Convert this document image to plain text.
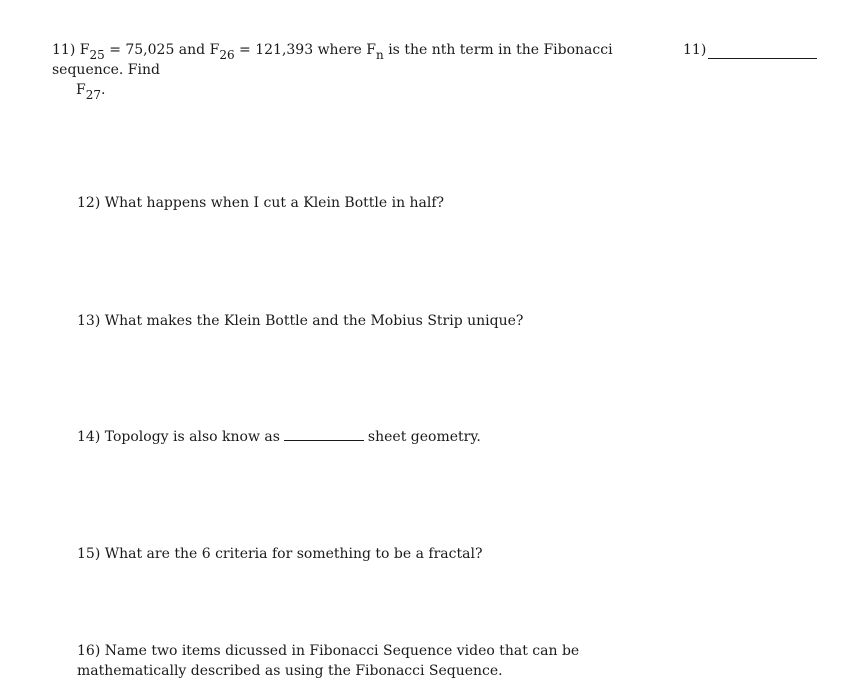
11) $F_{25} = 75,025$ and $F_{26} = 121,393$ where $F_n$ is the nth term in the Fibonacci sequence. Find
$F_{27}$.
11)
12) What happens when I cut a Klein Bottle in half?
13) What makes the Klein Bottle and the Mobius Strip unique?
14) Topology is also know as	sheet geometry.
15) What are the 6 criteria for something to be a fractal?
16) Name two items dicussed in Fibonacci Sequence video that can be mathematically described as using the Fibonacci Sequence.
